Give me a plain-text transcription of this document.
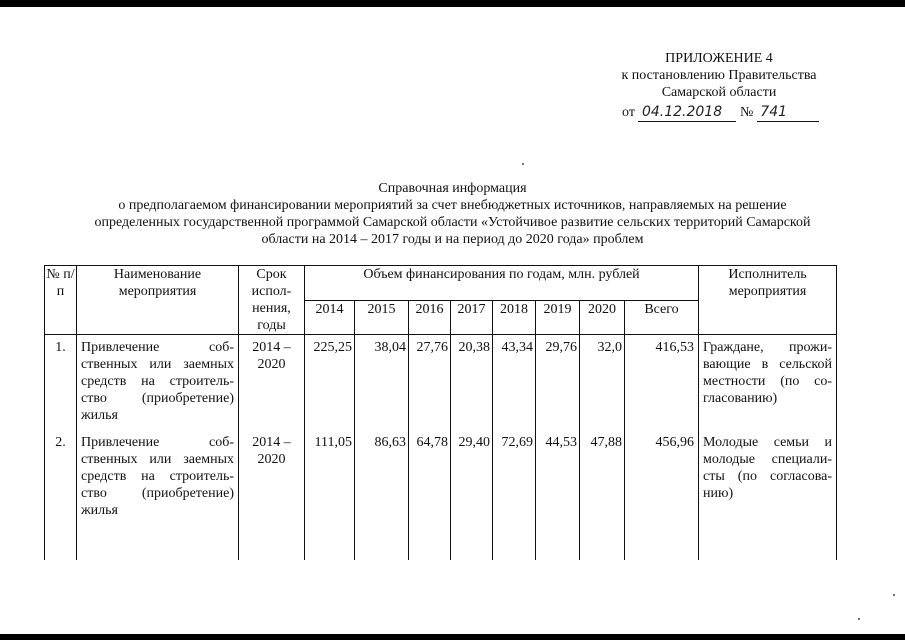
ПРИЛОЖЕНИЕ 4
к постановлению Правительства
Самарской области
от 04.12.2018 № 741
Справочная информация
о предполагаемом финансировании мероприятий за счет внебюджетных источников, направляемых на решение
определенных государственной программой Самарской области «Устойчивое развитие сельских территорий Самарской
области на 2014 – 2017 годы и на период до 2020 года» проблем
№ п/п	Наименование мероприятия	Срок испол-нения, годы	Объем финансирования по годам, млн. рублей								Исполнитель мероприятия
			2014	2015	2016	2017	2018	2019	2020	Всего	
1.	Привлечение соб-ственных или заемных средств на строитель-ство (приобретение) жилья	2014 – 2020	225,25	38,04	27,76	20,38	43,34	29,76	32,0	416,53	Граждане, прожи-вающие в сельской местности (по со-гласованию)
2.	Привлечение соб-ственных или заемных средств на строитель-ство (приобретение) жилья	2014 – 2020	111,05	86,63	64,78	29,40	72,69	44,53	47,88	456,96	Молодые семьи и молодые специали-сты (по согласова-нию)
